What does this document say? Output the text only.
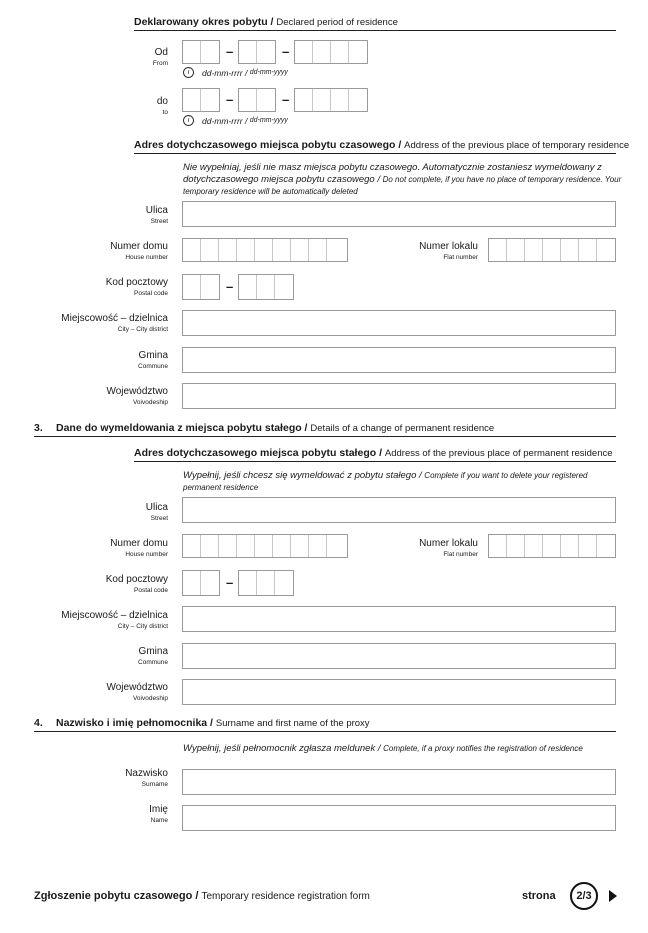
Deklarowany okres pobytu / Declared period of residence
Od
From
–	–
i	dd-mm-rrrr /
dd-mm-yyyy
do
to
–	–
i	dd-mm-rrrr /
dd-mm-yyyy
Adres dotychczasowego miejsca pobytu czasowego / Address of the previous place of temporary residence
Nie wypełniaj, jeśli nie masz miejsca pobytu czasowego. Automatycznie zostaniesz wymeldowany z dotychczasowego miejsca pobytu czasowego / Do not complete, if you have no place of temporary residence. Your temporary residence will be automatically deleted
Ulica
Street
Numer domu
House number
Numer lokalu
Flat number
Kod pocztowy
Postal code	–
Miejscowość – dzielnica
City – City district
Gmina
Commune
Województwo
Voivodeship
3. Dane do wymeldowania z miejsca pobytu stałego / Details of a change of permanent residence
Adres dotychczasowego miejsca pobytu stałego / Address of the previous place of permanent residence
Wypełnij, jeśli chcesz się wymeldować z pobytu stałego / Complete if you want to delete your registered permanent residence
Ulica
Street
Numer domu
House number
Numer lokalu
Flat number
Kod pocztowy
Postal code
–
Miejscowość – dzielnica
City – City district
Gmina
Commune
Województwo
Voivodeship
4. Nazwisko i imię pełnomocnika / Surname and first name of the proxy
Wypełnij, jeśli pełnomocnik zgłasza meldunek / Complete, if a proxy notifies the registration of residence
Nazwisko
Surname
Imię
Name
Zgłoszenie pobytu czasowego / Temporary residence registration form	strona	2/3
